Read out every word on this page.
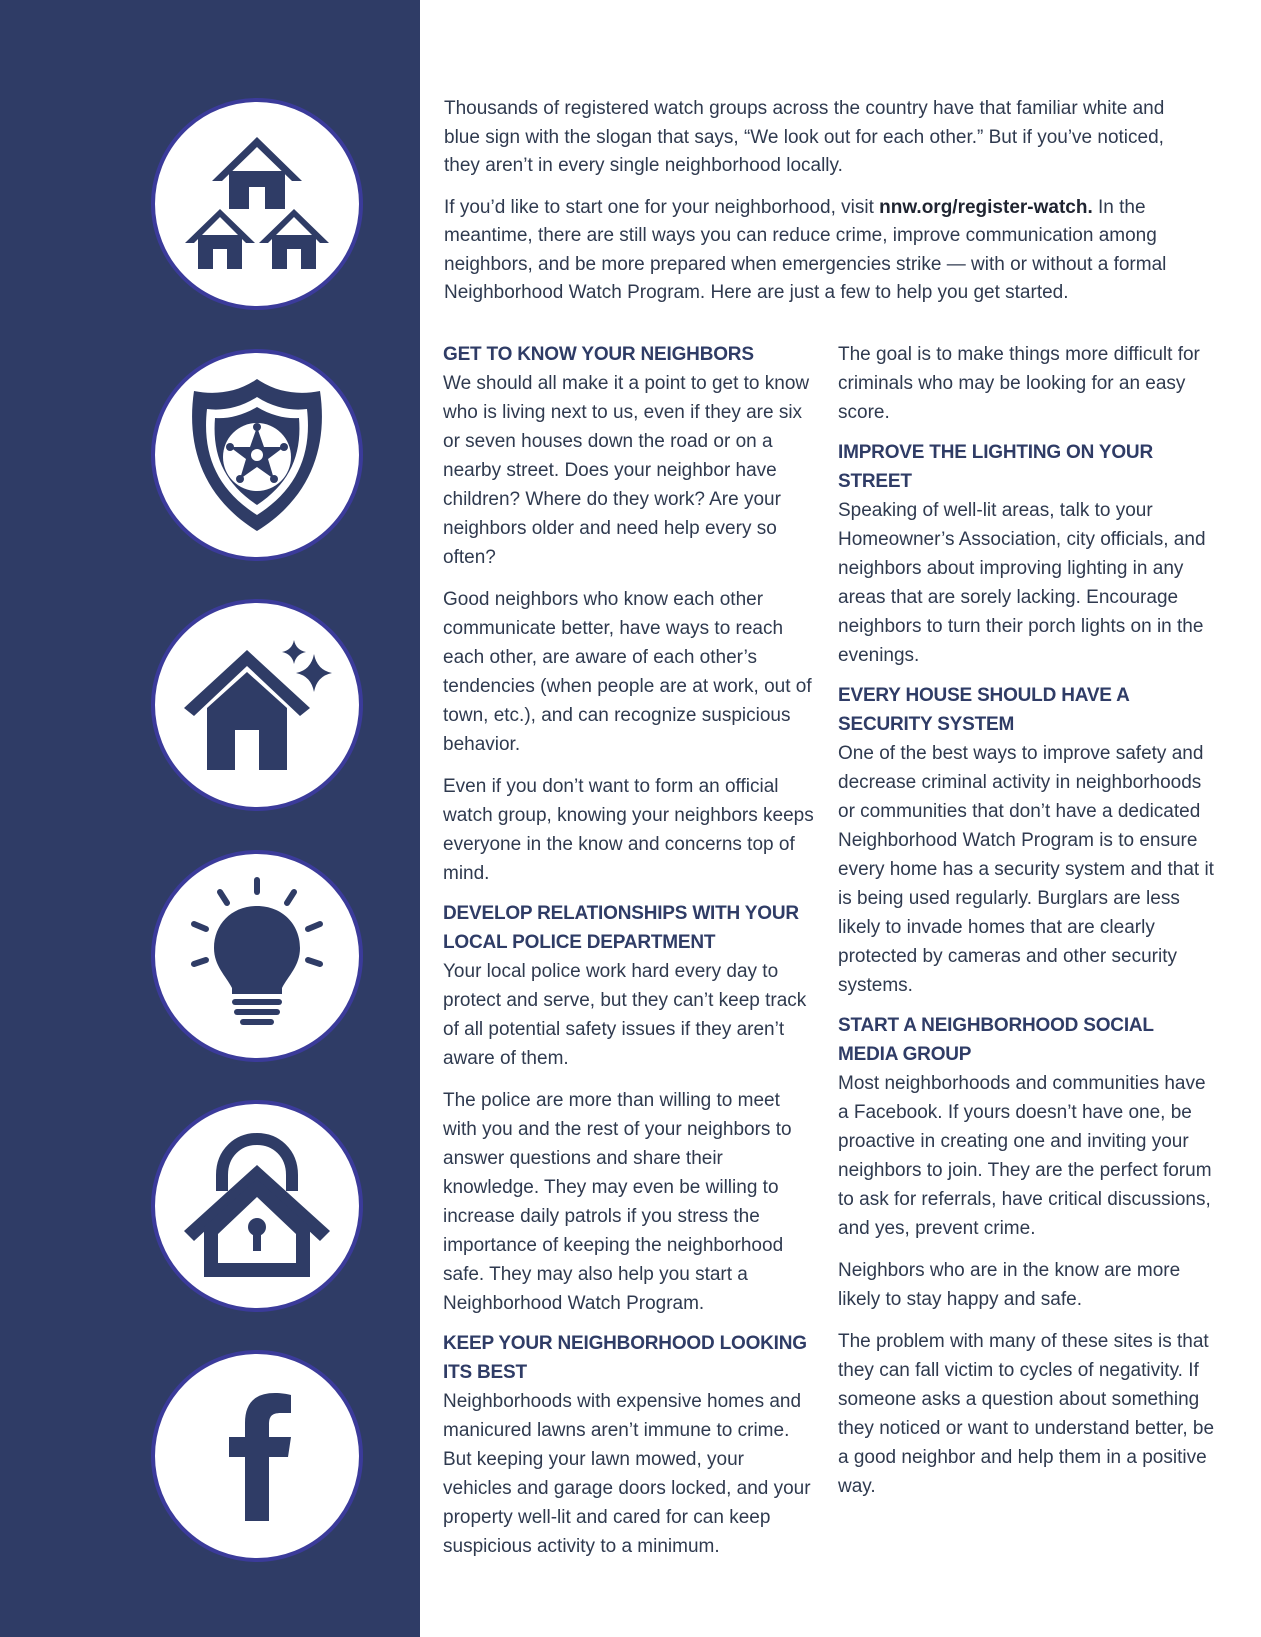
Thousands of registered watch groups across the country have that familiar white and blue sign with the slogan that says, “We look out for each other.” But if you’ve noticed, they aren’t in every single neighborhood locally.

If you’d like to start one for your neighborhood, visit nnw.org/register-watch. In the meantime, there are still ways you can reduce crime, improve communication among neighbors, and be more prepared when emergencies strike — with or without a formal Neighborhood Watch Program. Here are just a few to help you get started.

GET TO KNOW YOUR NEIGHBORS

We should all make it a point to get to know who is living next to us, even if they are six or seven houses down the road or on a nearby street. Does your neighbor have children? Where do they work? Are your neighbors older and need help every so often?

Good neighbors who know each other communicate better, have ways to reach each other, are aware of each other’s tendencies (when people are at work, out of town, etc.), and can recognize suspicious behavior.

Even if you don’t want to form an official watch group, knowing your neighbors keeps everyone in the know and concerns top of mind.

DEVELOP RELATIONSHIPS WITH YOUR LOCAL POLICE DEPARTMENT

Your local police work hard every day to protect and serve, but they can’t keep track of all potential safety issues if they aren’t aware of them.

The police are more than willing to meet with you and the rest of your neighbors to answer questions and share their knowledge. They may even be willing to increase daily patrols if you stress the importance of keeping the neighborhood safe. They may also help you start a Neighborhood Watch Program.

KEEP YOUR NEIGHBORHOOD LOOKING ITS BEST

Neighborhoods with expensive homes and manicured lawns aren’t immune to crime. But keeping your lawn mowed, your vehicles and garage doors locked, and your property well-lit and cared for can keep suspicious activity to a minimum.

The goal is to make things more difficult for criminals who may be looking for an easy score.

IMPROVE THE LIGHTING ON YOUR STREET

Speaking of well-lit areas, talk to your Homeowner’s Association, city officials, and neighbors about improving lighting in any areas that are sorely lacking. Encourage neighbors to turn their porch lights on in the evenings.

EVERY HOUSE SHOULD HAVE A SECURITY SYSTEM

One of the best ways to improve safety and decrease criminal activity in neighborhoods or communities that don’t have a dedicated Neighborhood Watch Program is to ensure every home has a security system and that it is being used regularly. Burglars are less likely to invade homes that are clearly protected by cameras and other security systems.

START A NEIGHBORHOOD SOCIAL MEDIA GROUP

Most neighborhoods and communities have a Facebook. If yours doesn’t have one, be proactive in creating one and inviting your neighbors to join. They are the perfect forum to ask for referrals, have critical discussions, and yes, prevent crime.

Neighbors who are in the know are more likely to stay happy and safe.

The problem with many of these sites is that they can fall victim to cycles of negativity. If someone asks a question about something they noticed or want to understand better, be a good neighbor and help them in a positive way.
